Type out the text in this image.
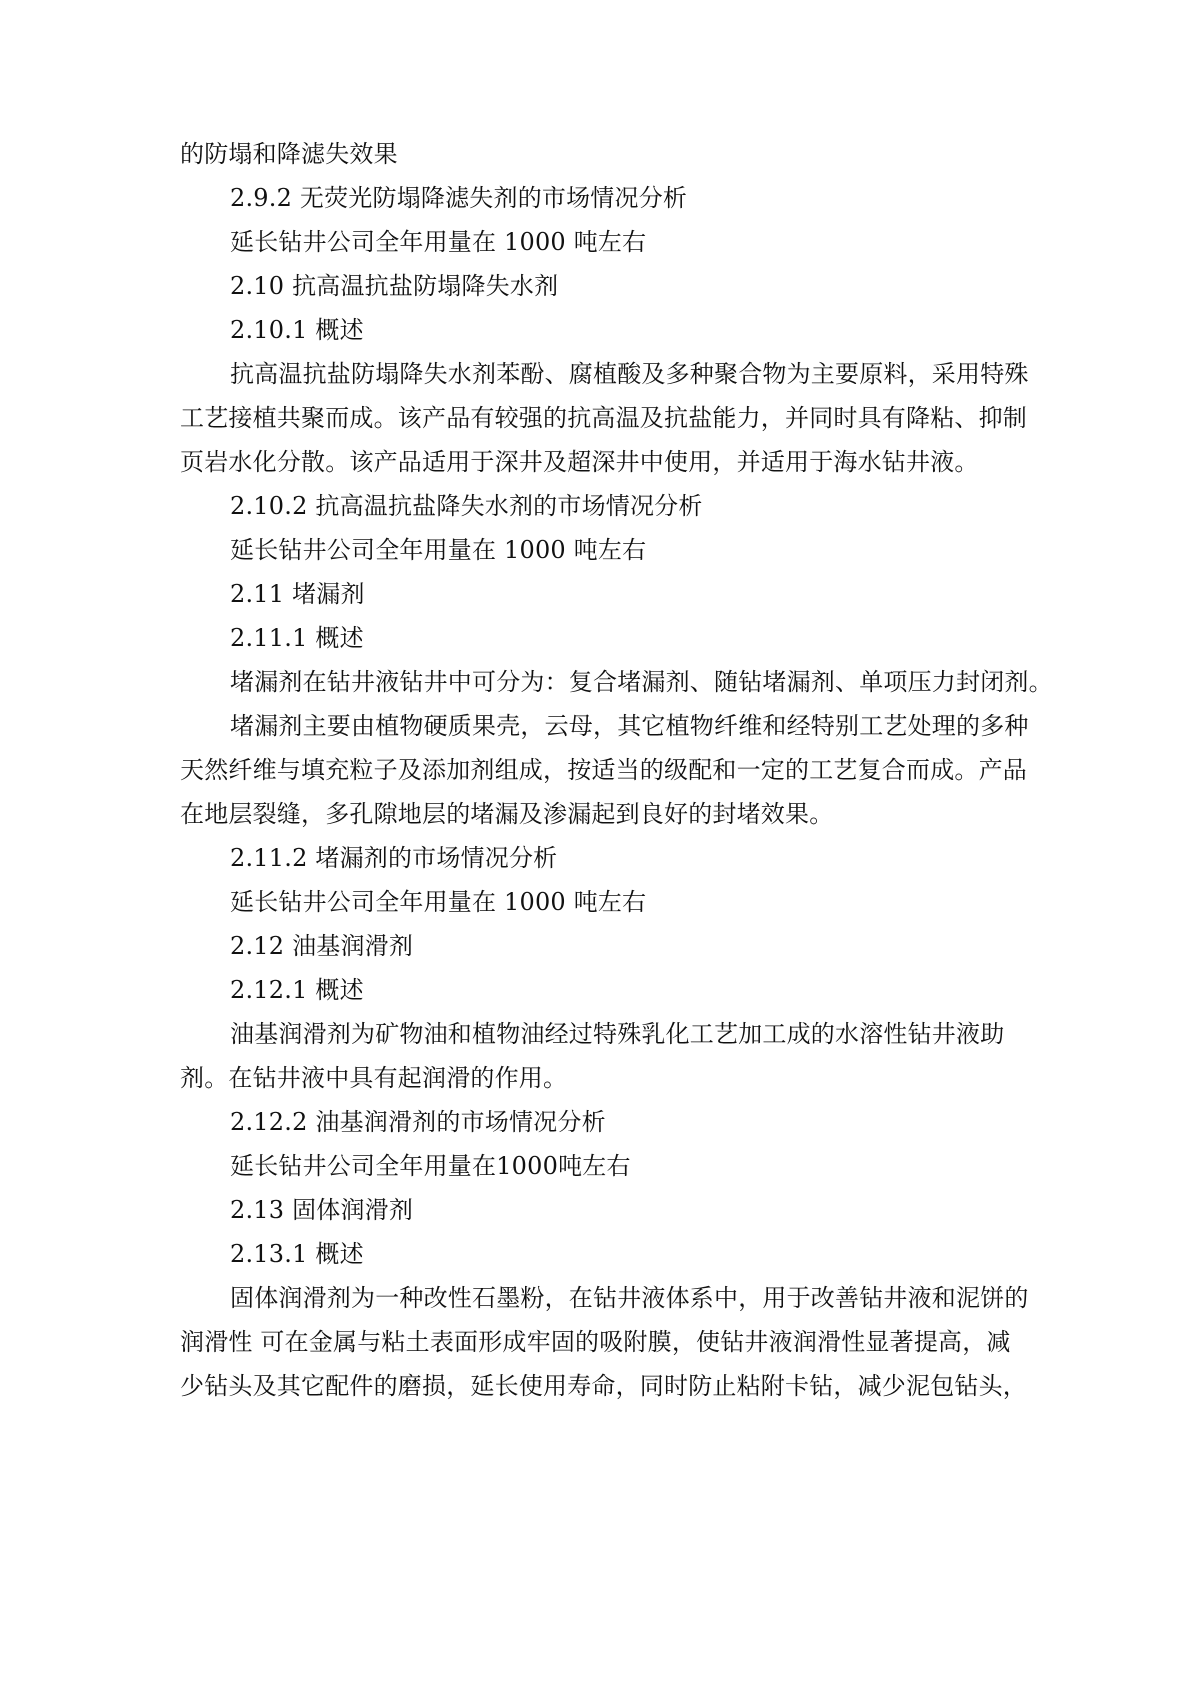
的防塌和降滤失效果
2.9.2 无荧光防塌降滤失剂的市场情况分析
延长钻井公司全年用量在 1000 吨左右
2.10 抗高温抗盐防塌降失水剂
2.10.1 概述
抗高温抗盐防塌降失水剂苯酚、腐植酸及多种聚合物为主要原料，采用特殊
工艺接植共聚而成。该产品有较强的抗高温及抗盐能力，并同时具有降粘、抑制
页岩水化分散。该产品适用于深井及超深井中使用，并适用于海水钻井液。
2.10.2 抗高温抗盐降失水剂的市场情况分析
延长钻井公司全年用量在 1000 吨左右
2.11 堵漏剂
2.11.1 概述
堵漏剂在钻井液钻井中可分为：复合堵漏剂、随钻堵漏剂、单项压力封闭剂。
堵漏剂主要由植物硬质果壳，云母，其它植物纤维和经特别工艺处理的多种
天然纤维与填充粒子及添加剂组成，按适当的级配和一定的工艺复合而成。产品
在地层裂缝，多孔隙地层的堵漏及渗漏起到良好的封堵效果。
2.11.2 堵漏剂的市场情况分析
延长钻井公司全年用量在 1000 吨左右
2.12 油基润滑剂
2.12.1 概述
油基润滑剂为矿物油和植物油经过特殊乳化工艺加工成的水溶性钻井液助
剂。在钻井液中具有起润滑的作用。
2.12.2 油基润滑剂的市场情况分析
延长钻井公司全年用量在1000吨左右
2.13 固体润滑剂
2.13.1 概述
固体润滑剂为一种改性石墨粉，在钻井液体系中，用于改善钻井液和泥饼的
润滑性 可在金属与粘土表面形成牢固的吸附膜，使钻井液润滑性显著提高，减
少钻头及其它配件的磨损，延长使用寿命，同时防止粘附卡钻，减少泥包钻头，
